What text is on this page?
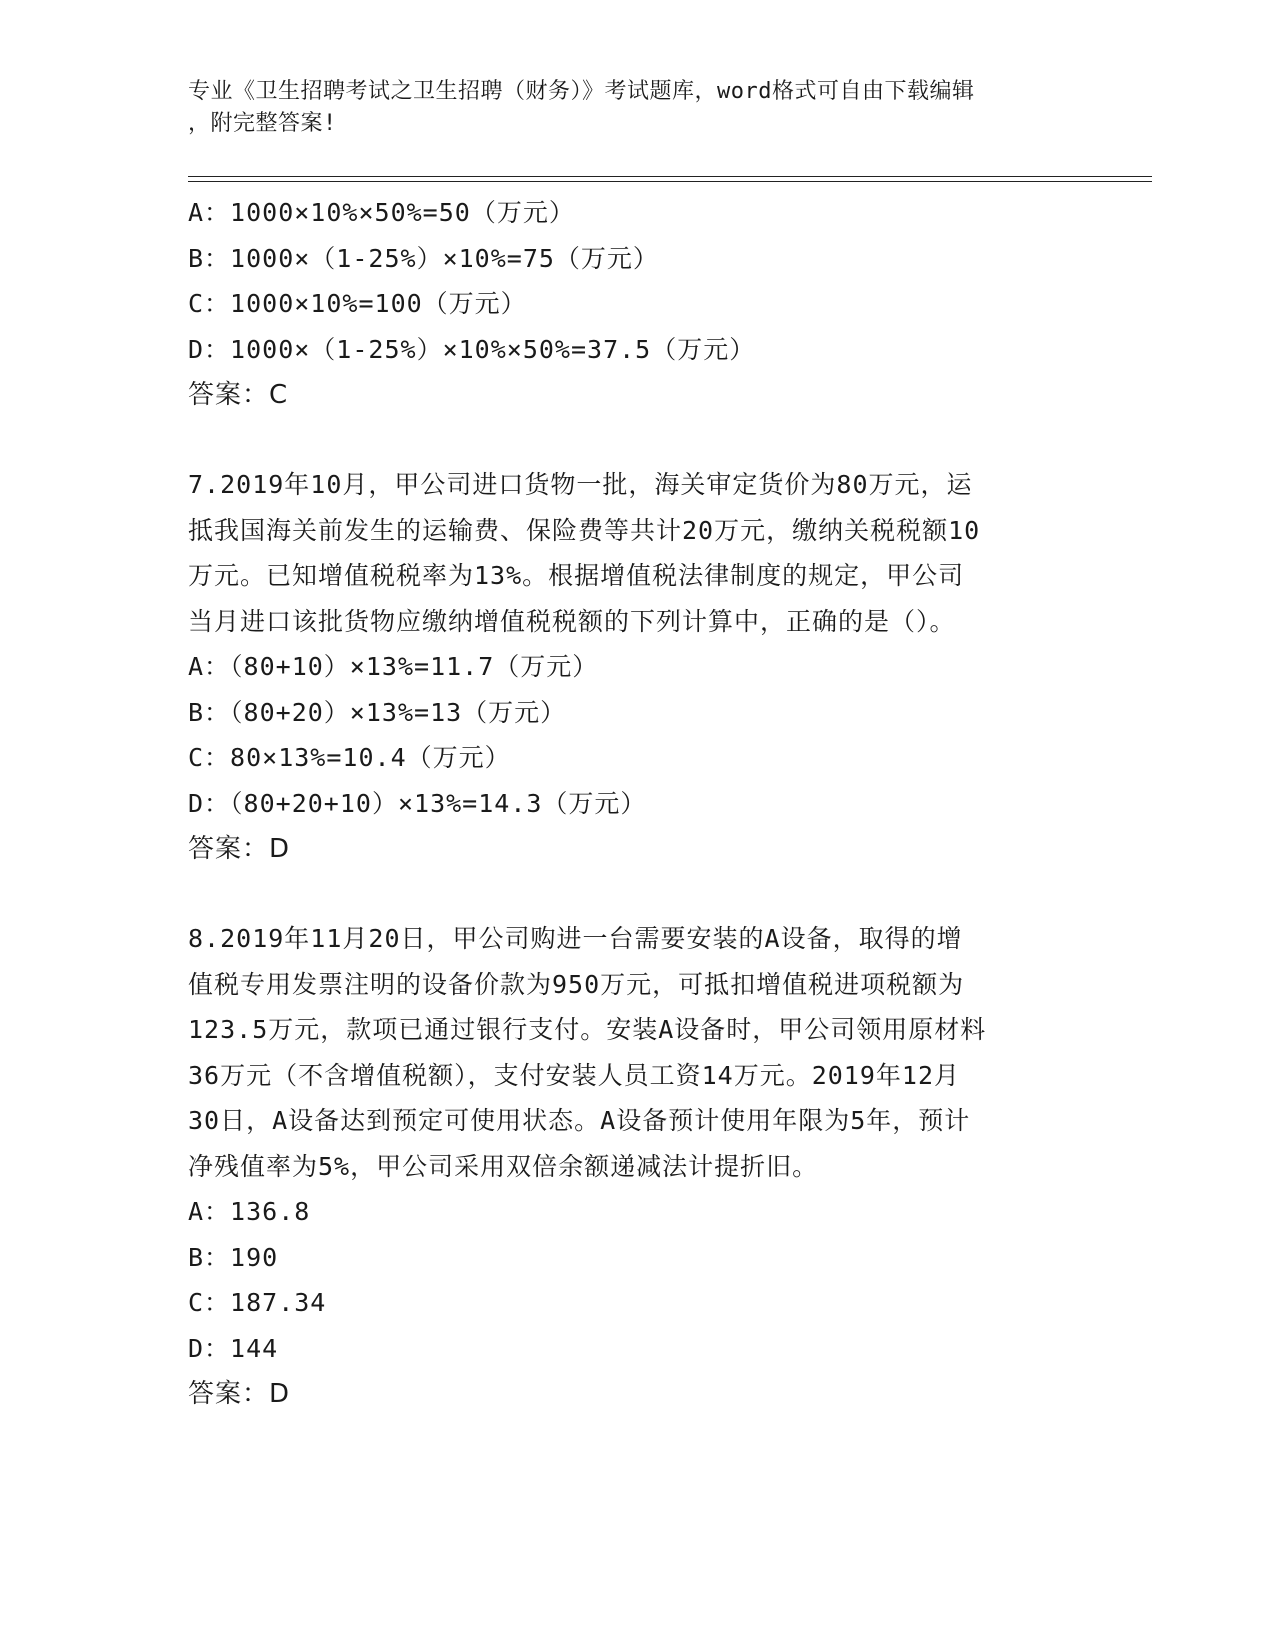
专业《卫生招聘考试之卫生招聘（财务）》考试题库，word格式可自由下载编辑
，附完整答案!
A：1000×10%×50%=50（万元）
B：1000×（1-25%）×10%=75（万元）
C：1000×10%=100（万元）
D：1000×（1-25%）×10%×50%=37.5（万元）
答案：C
7.2019年10月，甲公司进口货物一批，海关审定货价为80万元，运
抵我国海关前发生的运输费、保险费等共计20万元，缴纳关税税额10
万元。已知增值税税率为13%。根据增值税法律制度的规定，甲公司
当月进口该批货物应缴纳增值税税额的下列计算中，正确的是（）。
A：（80+10）×13%=11.7（万元）
B：（80+20）×13%=13（万元）
C：80×13%=10.4（万元）
D：（80+20+10）×13%=14.3（万元）
答案：D
8.2019年11月20日，甲公司购进一台需要安装的A设备，取得的增
值税专用发票注明的设备价款为950万元，可抵扣增值税进项税额为
123.5万元，款项已通过银行支付。安装A设备时，甲公司领用原材料
36万元（不含增值税额），支付安装人员工资14万元。2019年12月
30日，A设备达到预定可使用状态。A设备预计使用年限为5年，预计
净残值率为5%，甲公司采用双倍余额递减法计提折旧。
A：136.8
B：190
C：187.34
D：144
答案：D
